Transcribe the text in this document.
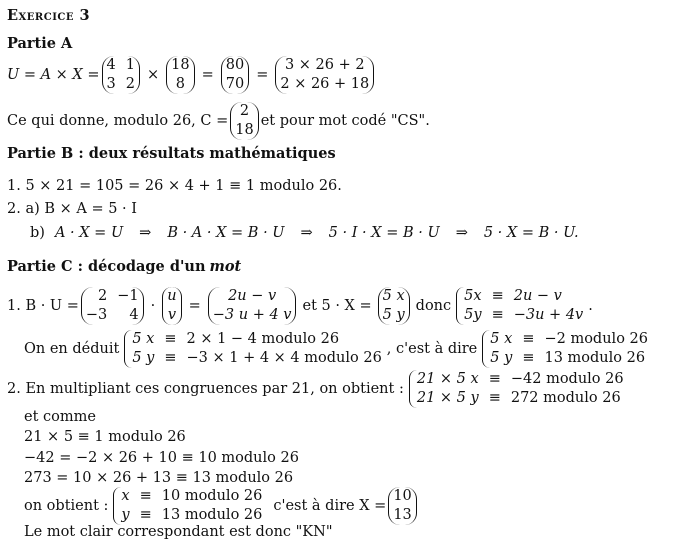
Exercice 3
Partie A
U = A × X =
4 1
3 2
×
18
8
=
80
70
=
3 × 26 + 2
2 × 26 + 18
Ce qui donne, modulo 26, C =
2
18
et pour mot codé "CS".
Partie B : deux résultats mathématiques
1. 5 × 21 = 105 = 26 × 4 + 1 ≡ 1 modulo 26.
2. a) B × A = 5 · I
b) A · X = U ⇒ B · A · X = B · U ⇒ 5 · I · X = B · U ⇒ 5 · X = B · U.
Partie C : décodage d'un mot
1. B · U =
2 −1
−3	4
·
u
v
=
2u − v
−3 u + 4 v
et 5 · X =
5 x
5 y
donc
5x ≡ 2u − v
5y ≡ −3u + 4v
.
On en déduit
5 x ≡ 2 × 1 − 4 modulo 26
5 y ≡ −3 × 1 + 4 × 4 modulo 26
, c'est à dire
5 x ≡ −2 modulo 26
5 y ≡ 13 modulo 26
2. En multipliant ces congruences par 21, on obtient :
21 × 5 x ≡ −42 modulo 26
21 × 5 y ≡ 272 modulo 26
et comme
21 × 5 ≡ 1 modulo 26
−42 = −2 × 26 + 10 ≡ 10 modulo 26
273 = 10 × 26 + 13 ≡ 13 modulo 26
on obtient :
x ≡ 10 modulo 26
y ≡ 13 modulo 26
c'est à dire X =
10
13
Le mot clair correspondant est donc "KN"
